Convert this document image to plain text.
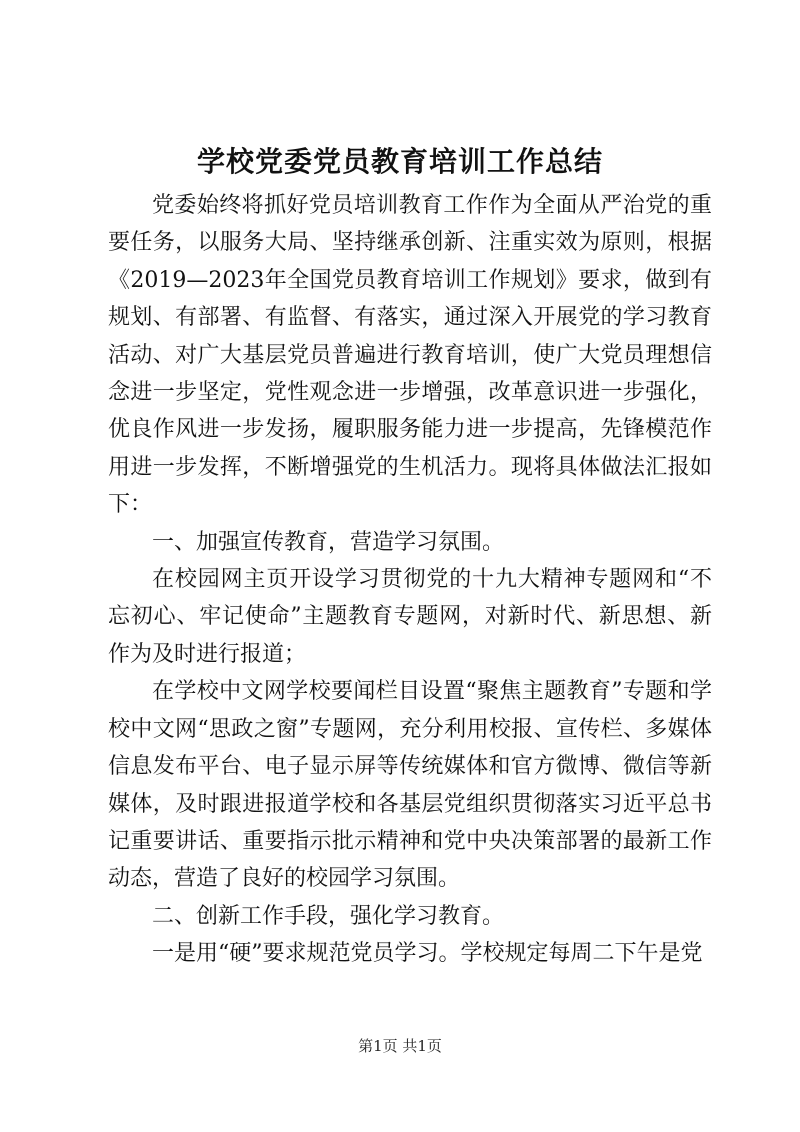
学校党委党员教育培训工作总结

党委始终将抓好党员培训教育工作作为全面从严治党的重要任务，以服务大局、坚持继承创新、注重实效为原则，根据《2019—2023年全国党员教育培训工作规划》要求，做到有规划、有部署、有监督、有落实，通过深入开展党的学习教育活动、对广大基层党员普遍进行教育培训，使广大党员理想信念进一步坚定，党性观念进一步增强，改革意识进一步强化，优良作风进一步发扬，履职服务能力进一步提高，先锋模范作用进一步发挥，不断增强党的生机活力。现将具体做法汇报如下：

一、加强宣传教育，营造学习氛围。

在校园网主页开设学习贯彻党的十九大精神专题网和“不忘初心、牢记使命”主题教育专题网，对新时代、新思想、新作为及时进行报道；

在学校中文网学校要闻栏目设置“聚焦主题教育”专题和学校中文网“思政之窗”专题网，充分利用校报、宣传栏、多媒体信息发布平台、电子显示屏等传统媒体和官方微博、微信等新媒体，及时跟进报道学校和各基层党组织贯彻落实习近平总书记重要讲话、重要指示批示精神和党中央决策部署的最新工作动态，营造了良好的校园学习氛围。

二、创新工作手段，强化学习教育。

一是用“硬”要求规范党员学习。学校规定每周二下午是党

第1页 共1页
